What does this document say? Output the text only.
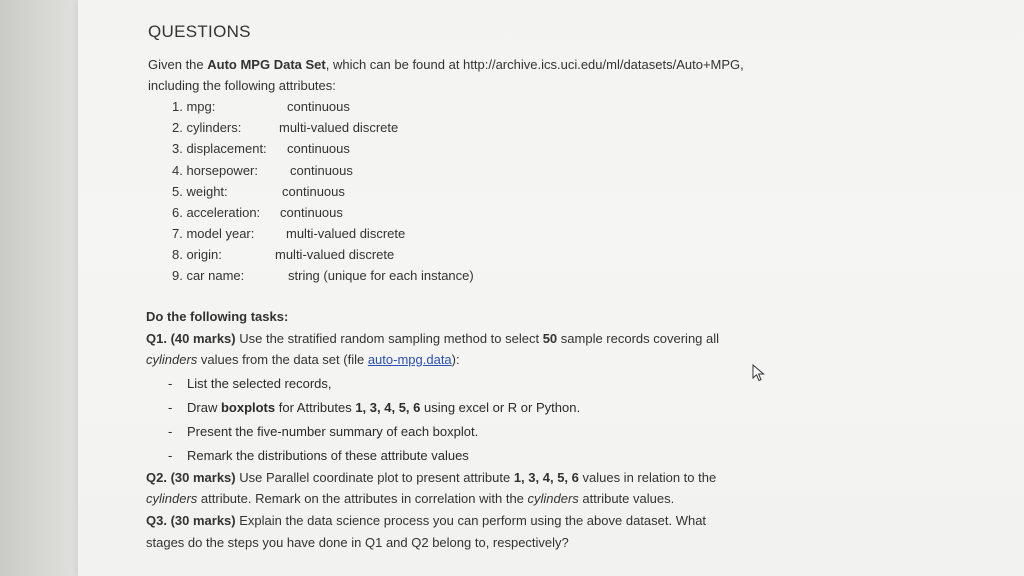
QUESTIONS
Given the Auto MPG Data Set, which can be found at http://archive.ics.uci.edu/ml/datasets/Auto+MPG,
including the following attributes:
1. mpg:	continuous
2. cylinders:	multi-valued discrete
3. displacement: continuous
4. horsepower: continuous
5. weight:	continuous
6. acceleration: continuous
7. model year: multi-valued discrete
8. origin:	multi-valued discrete
9. car name:	string (unique for each instance)
Do the following tasks:
Q1. (40 marks) Use the stratified random sampling method to select 50 sample records covering all
cylinders values from the data set (file auto-mpg.data):
- List the selected records,
- Draw boxplots for Attributes 1, 3, 4, 5, 6 using excel or R or Python.
- Present the five-number summary of each boxplot.
- Remark the distributions of these attribute values
Q2. (30 marks) Use Parallel coordinate plot to present attribute 1, 3, 4, 5, 6 values in relation to the
cylinders attribute. Remark on the attributes in correlation with the cylinders attribute values.
Q3. (30 marks) Explain the data science process you can perform using the above dataset. What
stages do the steps you have done in Q1 and Q2 belong to, respectively?
